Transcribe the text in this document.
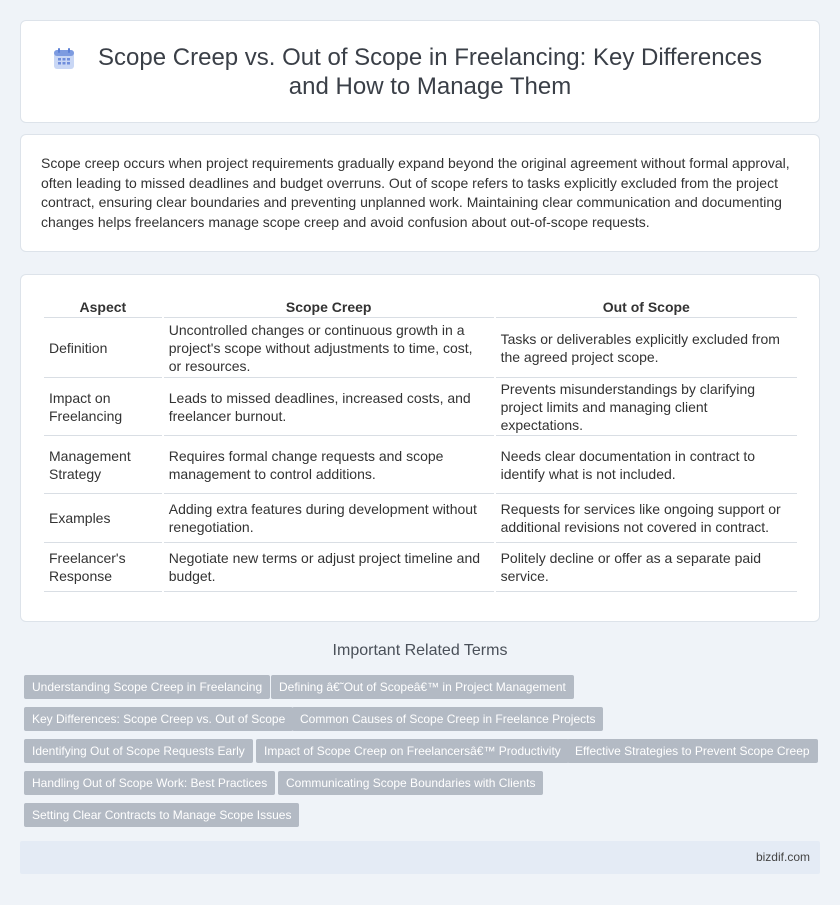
Scope Creep vs. Out of Scope in Freelancing: Key Differences and How to Manage Them

Scope creep occurs when project requirements gradually expand beyond the original agreement without formal approval, often leading to missed deadlines and budget overruns. Out of scope refers to tasks explicitly excluded from the project contract, ensuring clear boundaries and preventing unplanned work. Maintaining clear communication and documenting changes helps freelancers manage scope creep and avoid confusion about out-of-scope requests.

Aspect	Scope Creep	Out of Scope
Definition	Uncontrolled changes or continuous growth in a project's scope without adjustments to time, cost, or resources.	Tasks or deliverables explicitly excluded from the agreed project scope.
Impact on Freelancing	Leads to missed deadlines, increased costs, and freelancer burnout.	Prevents misunderstandings by clarifying project limits and managing client expectations.
Management Strategy	Requires formal change requests and scope management to control additions.	Needs clear documentation in contract to identify what is not included.
Examples	Adding extra features during development without renegotiation.	Requests for services like ongoing support or additional revisions not covered in contract.
Freelancer's Response	Negotiate new terms or adjust project timeline and budget.	Politely decline or offer as a separate paid service.
Important Related Terms
Understanding Scope Creep in Freelancing	Defining â€˜Out of Scopeâ€™ in Project Management
Key Differences: Scope Creep vs. Out of Scope	Common Causes of Scope Creep in Freelance Projects
Identifying Out of Scope Requests Early	Impact of Scope Creep on Freelancersâ€™ Productivity	Effective Strategies to Prevent Scope Creep
Handling Out of Scope Work: Best Practices	Communicating Scope Boundaries with Clients
Setting Clear Contracts to Manage Scope Issues
bizdif.com
